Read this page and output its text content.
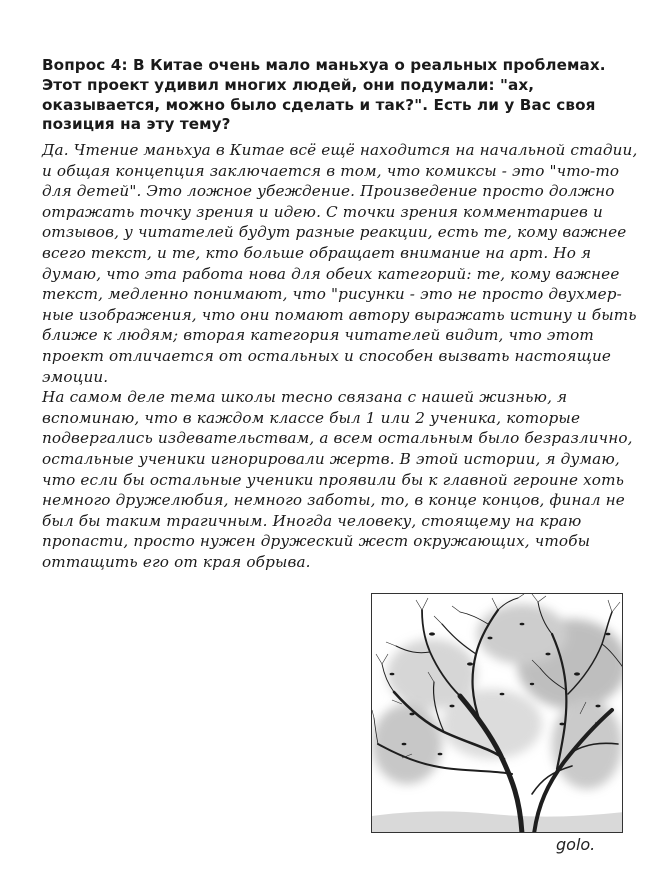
Вопрос 4: В Китае очень мало маньхуа о реальных проблемах.
Этот проект удивил многих людей, они подумали: "ах,
оказывается, можно было сделать и так?". Есть ли у Вас своя
позиция на эту тему?

Да. Чтение маньхуа в Китае всё ещё находится на начальной стадии,
и общая концепция заключается в том, что комиксы - это "что-то
для детей". Это ложное убеждение. Произведение просто должно
отражать точку зрения и идею. С точки зрения комментариев и
отзывов, у читателей будут разные реакции, есть те, кому важнее
всего текст, и те, кто больше обращает внимание на арт. Но я
думаю, что эта работа нова для обеих категорий: те, кому важнее
текст, медленно понимают, что "рисунки - это не просто двухмер-
ные изображения, что они помают автору выражать истину и быть
ближе к людям; вторая категория читателей видит, что этот
проект отличается от остальных и способен вызвать настоящие
эмоции.

На самом деле тема школы тесно связана с нашей жизнью, я
вспоминаю, что в каждом классе был 1 или 2 ученика, которые
подвергались издевательствам, а всем остальным было безразлично,
остальные ученики игнорировали жертв. В этой истории, я думаю,
что если бы остальные ученики проявили бы к главной героине хоть
немного дружелюбия, немного заботы, то, в конце концов, финал не
был бы таким трагичным. Иногда человеку, стоящему на краю
пропасти, просто нужен дружеский жест окружающих, чтобы
оттащить его от края обрыва.

golo.
